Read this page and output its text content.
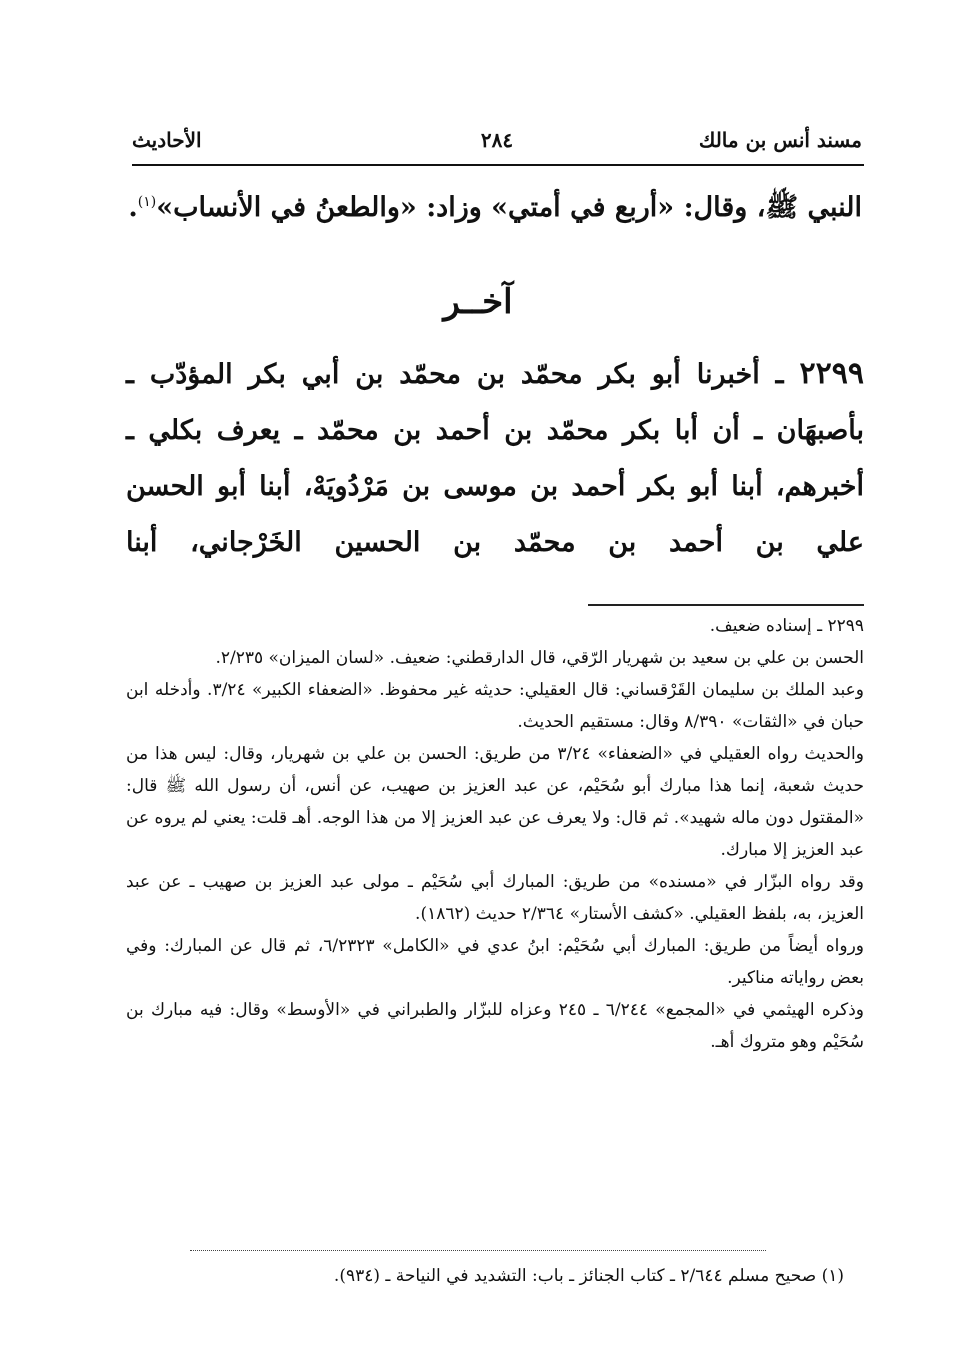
مسند أنس بن مالك
٢٨٤
الأحاديث
النبي ﷺ، وقال: «أربع في أمتي» وزاد: «والطعنُ في الأنساب»$^{(١)}$.
آخــر

٢٢٩٩ ـ أخبرنا أبو بكر محمّد بن محمّد بن أبي بكر المؤدّب ـ بأصبهَان ـ أن أبا بكر محمّد بن أحمد بن محمّد ـ يعرف بكلي ـ أخبرهم، أبنا أبو بكر أحمد بن موسى بن مَرْدُويَهْ، أبنا أبو الحسن علي بن أحمد بن محمّد بن الحسين الخَرْجاني، أبنا

٢٢٩٩ ـ إسناده ضعيف.

الحسن بن علي بن سعيد بن شهريار الرّقي، قال الدارقطني: ضعيف. «لسان الميزان» ٢/٢٣٥.

وعبد الملك بن سليمان القَرْقساني: قال العقيلي: حديثه غير محفوظ. «الضعفاء الكبير» ٣/٢٤. وأدخله ابن حبان في «الثقات» ٨/٣٩٠ وقال: مستقيم الحديث.

والحديث رواه العقيلي في «الضعفاء» ٣/٢٤ من طريق: الحسن بن علي بن شهريار، وقال: ليس هذا من حديث شعبة، إنما هذا مبارك أبو سُحَيْم، عن عبد العزيز بن صهيب، عن أنس، أن رسول الله ﷺ قال: «المقتول دون ماله شهيد». ثم قال: ولا يعرف عن عبد العزيز إلا من هذا الوجه. أهـ قلت: يعني لم يروه عن عبد العزيز إلا مبارك.

وقد رواه البزّار في «مسنده» من طريق: المبارك أبي سُحَيْم ـ مولى عبد العزيز بن صهيب ـ عن عبد العزيز، به، بلفظ العقيلي. «كشف الأستار» ٢/٣٦٤ حديث (١٨٦٢).

ورواه أيضاً من طريق: المبارك أبي سُحَيْم: ابنُ عدي في «الكامل» ٦/٢٣٢٣، ثم قال عن المبارك: وفي بعض رواياته مناكير.

وذكره الهيثمي في «المجمع» ٦/٢٤٤ ـ ٢٤٥ وعزاه للبزّار والطبراني في «الأوسط» وقال: فيه مبارك بن سُحَيْم وهو متروك أهـ.

(١) صحيح مسلم ٢/٦٤٤ ـ كتاب الجنائز ـ باب: التشديد في النياحة ـ (٩٣٤).
